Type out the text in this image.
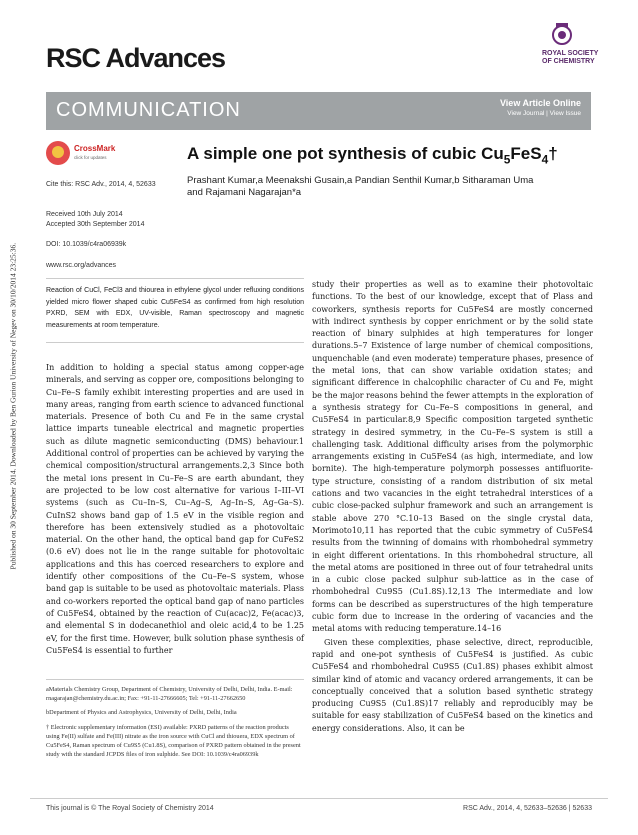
Published on 30 September 2014. Downloaded by Ben Gurion University of Negev on 30/10/2014 23:25:36.
RSC Advances	ROYAL SOCIETY
OF CHEMISTRY
COMMUNICATION	View Article Online
View Journal | View Issue
CrossMark
click for updates
Cite this: RSC Adv., 2014, 4, 52633
Received 10th July 2014
Accepted 30th September 2014
DOI: 10.1039/c4ra06939k
www.rsc.org/advances
A simple one pot synthesis of cubic $Cu_5FeS_4\dagger$
Prashant Kumar,a Meenakshi Gusain,a Pandian Senthil Kumar,b Sitharaman Uma
and Rajamani Nagarajan*a
Reaction of CuCl, FeCl3 and thiourea in ethylene glycol under refluxing conditions yielded micro flower shaped cubic Cu5FeS4 as confirmed from high resolution PXRD, SEM with EDX, UV-visible, Raman spectroscopy and magnetic measurements at room temperature.
In addition to holding a special status among copper-age minerals, and serving as copper ore, compositions belonging to Cu–Fe–S family exhibit interesting properties and are used in many areas, ranging from earth science to advanced functional materials. Presence of both Cu and Fe in the same crystal lattice imparts tuneable electrical and magnetic properties such as dilute magnetic semiconducting (DMS) behaviour.1 Additional control of properties can be achieved by varying the chemical composition/structural arrangements.2,3 Since both the metal ions present in Cu–Fe–S are earth abundant, they are projected to be low cost alternative for various I–III–VI systems (such as Cu–In–S, Cu–Ag–S, Ag–In–S, Ag–Ga–S). CuInS2 shows band gap of 1.5 eV in the visible region and therefore has been extensively studied as a photovoltaic material. On the other hand, the optical band gap for CuFeS2 (0.6 eV) does not lie in the range suitable for photovoltaic applications and this has coerced researchers to explore and identify other compositions of the Cu–Fe–S system, whose band gap is suitable to be used as photovoltaic materials. Plass and co-workers reported the optical band gap of nano particles of Cu5FeS4, obtained by the reaction of Cu(acac)2, Fe(acac)3, and elemental S in dodecanethiol and oleic acid,4 to be 1.25 eV, for the first time. However, bulk solution phase synthesis of Cu5FeS4 is essential to further
aMaterials Chemistry Group, Department of Chemistry, University of Delhi, Delhi, India. E-mail: rnagarajan@chemistry.du.ac.in; Fax: +91-11-27666605; Tel: +91-11-27662650
bDepartment of Physics and Astrophysics, University of Delhi, Delhi, India
† Electronic supplementary information (ESI) available: PXRD patterns of the reaction products using Fe(II) sulfate and Fe(III) nitrate as the iron source with CuCl and thiouera, EDX spectrum of Cu5FeS4, Raman spectrum of Cu9S5 (Cu1.8S), comparison of PXRD pattern obtained in the present study with the standard JCPDS files of iron sulphide. See DOI: 10.1039/c4ra06939k
study their properties as well as to examine their photovoltaic functions. To the best of our knowledge, except that of Plass and coworkers, synthesis reports for Cu5FeS4 are mostly concerned with indirect synthesis by copper enrichment or by the solid state reaction of binary sulphides at high temperatures for longer durations.5–7 Existence of large number of chemical compositions, unquenchable (and even moderate) temperature phases, presence of the metal ions, that can show variable oxidation states; and significant difference in chalcophilic character of Cu and Fe, might be the major reasons behind the fewer attempts in the exploration of a synthesis strategy for Cu–Fe–S compositions in general, and Cu5FeS4 in particular.8,9 Specific composition targeted synthetic strategy in desired symmetry, in the Cu–Fe–S system is still a challenging task. Additional difficulty arises from the polymorphic arrangements existing in Cu5FeS4 (as high, intermediate, and low bornite). The high-temperature polymorph possesses antifluorite-type structure, consisting of a random distribution of six metal cations and two vacancies in the eight tetrahedral interstices of a cubic close-packed sulphur framework and such an arrangement is stable above 270 °C.10–13 Based on the single crystal data, Morimoto10,11 has reported that the cubic symmetry of Cu5FeS4 results from the twinning of domains with rhombohedral symmetry in eight different orientations. In this rhombohedral structure, all the metal atoms are positioned in three out of four tetrahedral units in a cubic close packed sulphur sub-lattice as in the case of rhombohedral Cu9S5 (Cu1.8S).12,13 The intermediate and low forms can be described as superstructures of the high temperature cubic form due to increase in the ordering of vacancies and the metal atoms with reducing temperature.14–16
Given these complexities, phase selective, direct, reproducible, rapid and one-pot synthesis of Cu5FeS4 is justified. As cubic Cu5FeS4 and rhombohedral Cu9S5 (Cu1.8S) phases exhibit almost similar kind of atomic and vacancy ordered arrangements, it can be conceptually conceived that a solution based synthetic strategy producing Cu9S5 (Cu1.8S)17 reliably and reproducibly may be suitable for easy stabilization of Cu5FeS4 based on the kinetics and energy considerations. Also, it can be
This journal is © The Royal Society of Chemistry 2014	RSC Adv., 2014, 4, 52633–52636 | 52633
